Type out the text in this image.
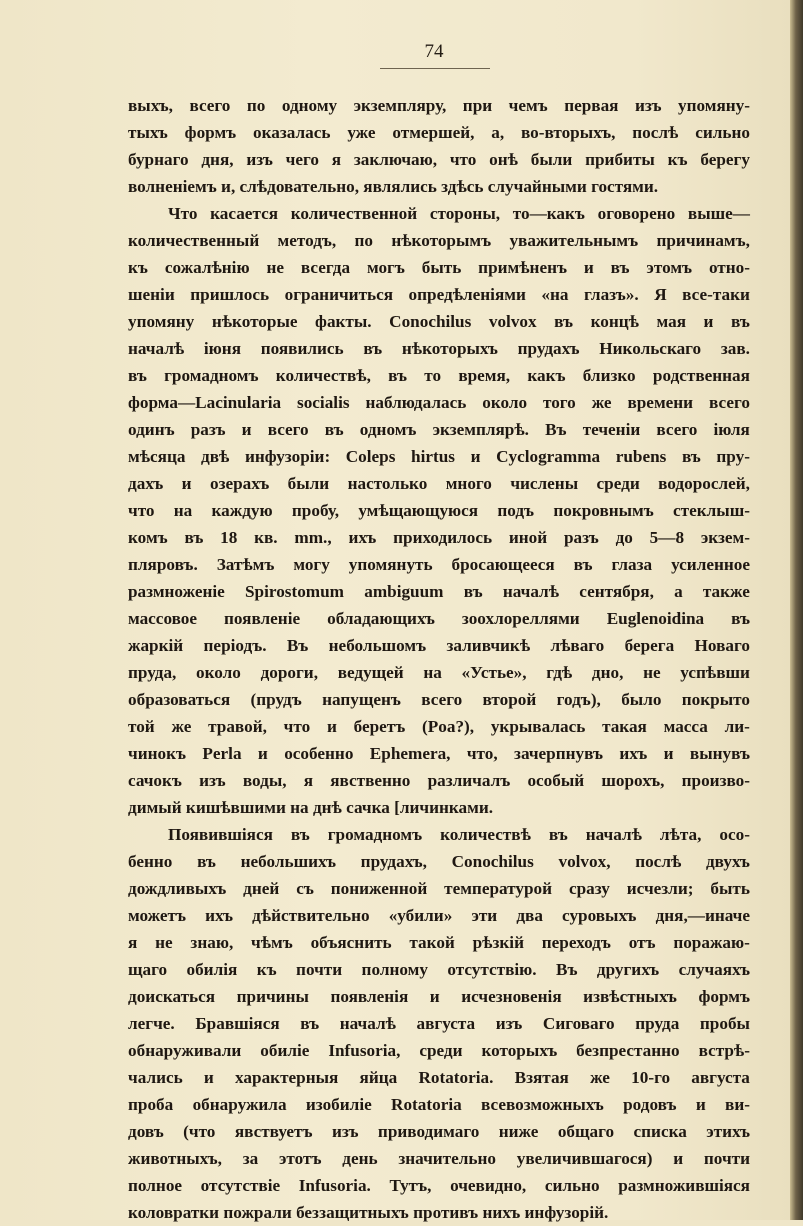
74
выхъ, всего по одному экземпляру, при чемъ первая изъ упомяну-
тыхъ формъ оказалась уже отмершей, а, во-вторыхъ, послѣ сильно
бурнаго дня, изъ чего я заключаю, что онѣ были прибиты къ берегу
волненіемъ и, слѣдовательно, являлись здѣсь случайными гостями.
Что касается количественной стороны, то—какъ оговорено выше—
количественный методъ, по нѣкоторымъ уважительнымъ причинамъ,
къ сожалѣнію не всегда могъ быть примѣненъ и въ этомъ отно-
шеніи пришлось ограничиться опредѣленіями «на глазъ». Я все-таки
упомяну нѣкоторые факты. Conochilus volvox въ концѣ мая и въ
началѣ іюня появились въ нѣкоторыхъ прудахъ Никольскаго зав.
въ громадномъ количествѣ, въ то время, какъ близко родственная
форма—Lacinularia socialis наблюдалась около того же времени всего
одинъ разъ и всего въ одномъ экземплярѣ. Въ теченіи всего іюля
мѣсяца двѣ инфузоріи: Coleps hirtus и Cyclogramma rubens въ пру-
дахъ и озерахъ были настолько много числены среди водорослей,
что на каждую пробу, умѣщающуюся подъ покровнымъ стеклыш-
комъ въ 18 кв. mm., ихъ приходилось иной разъ до 5—8 экзем-
пляровъ. Затѣмъ могу упомянуть бросающееся въ глаза усиленное
размноженіе Spirostomum ambiguum въ началѣ сентября, а также
массовое появленіе обладающихъ зоохлореллями Euglenoidina въ
жаркій періодъ. Въ небольшомъ заливчикѣ лѣваго берега Новаго
пруда, около дороги, ведущей на «Устье», гдѣ дно, не успѣвши
образоваться (прудъ напущенъ всего второй годъ), было покрыто
той же травой, что и беретъ (Poa?), укрывалась такая масса ли-
чинокъ Perla и особенно Ephemera, что, зачерпнувъ ихъ и вынувъ
сачокъ изъ воды, я явственно различалъ особый шорохъ, произво-
димый кишѣвшими на днѣ сачка [личинками.
Появившіяся въ громадномъ количествѣ въ началѣ лѣта, осо-
бенно въ небольшихъ прудахъ, Conochilus volvox, послѣ двухъ
дождливыхъ дней съ пониженной температурой сразу исчезли; быть
можетъ ихъ дѣйствительно «убили» эти два суровыхъ дня,—иначе
я не знаю, чѣмъ объяснить такой рѣзкій переходъ отъ поражаю-
щаго обилія къ почти полному отсутствію. Въ другихъ случаяхъ
доискаться причины появленія и исчезновенія извѣстныхъ формъ
легче. Бравшіяся въ началѣ августа изъ Сиговаго пруда пробы
обнаруживали обиліе Infusoria, среди которыхъ безпрестанно встрѣ-
чались и характерныя яйца Rotatoria. Взятая же 10-го августа
проба обнаружила изобиліе Rotatoria всевозможныхъ родовъ и ви-
довъ (что явствуетъ изъ приводимаго ниже общаго списка этихъ
животныхъ, за этотъ день значительно увеличившагося) и почти
полное отсутствіе Infusoria. Тутъ, очевидно, сильно размножившіяся
коловратки пожрали беззащитныхъ противъ нихъ инфузорій.
